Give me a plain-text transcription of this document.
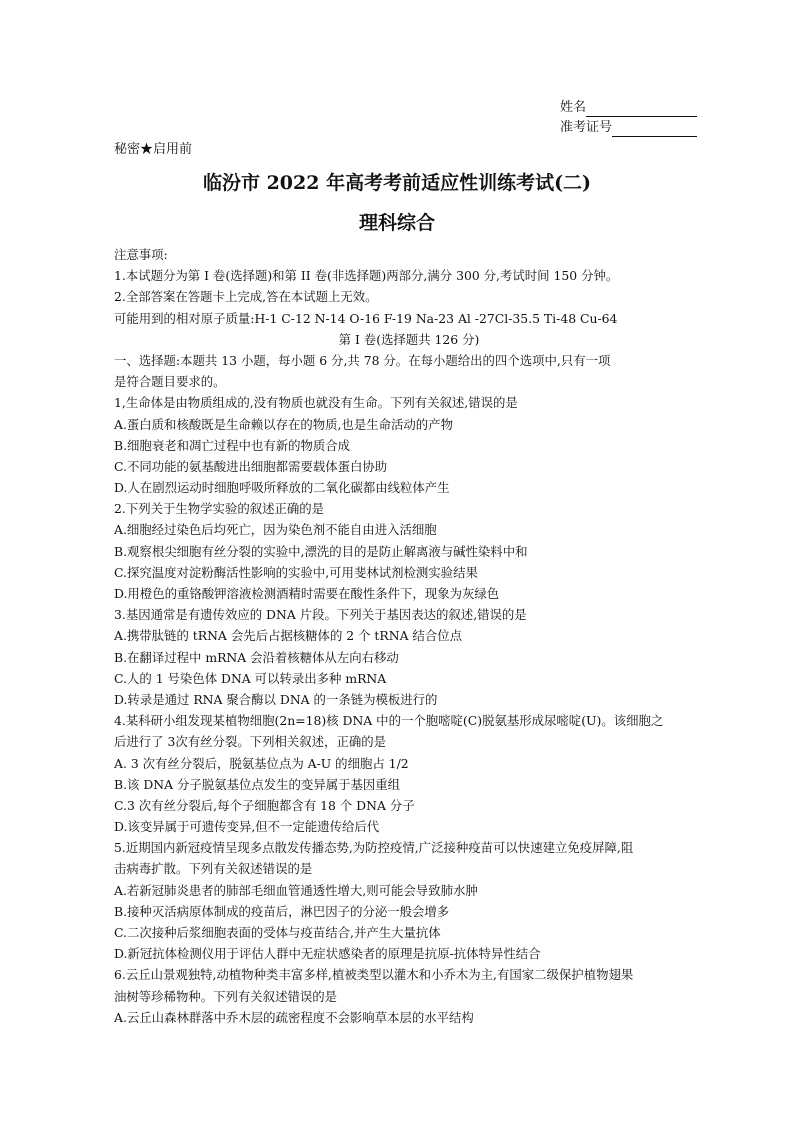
姓名
准考证号
秘密★启用前
临汾市 2022 年高考考前适应性训练考试(二)
理科综合
注意事项:
1.本试题分为第 I 卷(选择题)和第 II 卷(非选择题)两部分,满分 300 分,考试时间 150 分钟。
2.全部答案在答题卡上完成,答在本试题上无效。
可能用到的相对原子质量:H-1 C-12 N-14 O-16 F-19 Na-23 Al -27Cl-35.5 Ti-48 Cu-64
第 I 卷(选择题共 126 分)
一、选择题:本题共 13 小题，每小题 6 分,共 78 分。在每小题给出的四个选项中,只有一项
是符合题目要求的。
1,生命体是由物质组成的,没有物质也就没有生命。下列有关叙述,错误的是
A.蛋白质和核酸既是生命赖以存在的物质,也是生命活动的产物
B.细胞衰老和凋亡过程中也有新的物质合成
C.不同功能的氨基酸进出细胞都需要载体蛋白协助
D.人在剧烈运动时细胞呼吸所释放的二氧化碳都由线粒体产生
2.下列关于生物学实验的叙述正确的是
A.细胞经过染色后均死亡，因为染色剂不能自由进入活细胞
B.观察根尖细胞有丝分裂的实验中,漂洗的目的是防止解离液与碱性染料中和
C.探究温度对淀粉酶活性影响的实验中,可用斐林试剂检测实验结果
D.用橙色的重铬酸钾溶液检测酒精时需要在酸性条件下，现象为灰绿色
3.基因通常是有遗传效应的 DNA 片段。下列关于基因表达的叙述,错误的是
A.携带肽链的 tRNA 会先后占据核糖体的 2 个 tRNA 结合位点
B.在翻译过程中 mRNA 会沿着核糖体从左向右移动
C.人的 1 号染色体 DNA 可以转录出多种 mRNA
D.转录是通过 RNA 聚合酶以 DNA 的一条链为模板进行的
4.某科研小组发现某植物细胞(2n=18)核 DNA 中的一个胞嘧啶(C)脱氨基形成尿嘧啶(U)。该细胞之
后进行了 3次有丝分裂。下列相关叙述，正确的是
A. 3 次有丝分裂后，脱氨基位点为 A-U 的细胞占 1/2
B.该 DNA 分子脱氨基位点发生的变异属于基因重组
C.3 次有丝分裂后,每个子细胞都含有 18 个 DNA 分子
D.该变异属于可遗传变异,但不一定能遗传给后代
5.近期国内新冠疫情呈现多点散发传播态势,为防控疫情,广泛接种疫苗可以快速建立免疫屏障,阻
击病毒扩散。下列有关叙述错误的是
A.若新冠肺炎患者的肺部毛细血管通透性增大,则可能会导致肺水肿
B.接种灭活病原体制成的疫苗后，淋巴因子的分泌一般会增多
C.二次接种后浆细胞表面的受体与疫苗结合,并产生大量抗体
D.新冠抗体检测仪用于评估人群中无症状感染者的原理是抗原-抗体特异性结合
6.云丘山景观独特,动植物种类丰富多样,植被类型以灌木和小乔木为主,有国家二级保护植物翅果
油树等珍稀物种。下列有关叙述错误的是
A.云丘山森林群落中乔木层的疏密程度不会影响草本层的水平结构
